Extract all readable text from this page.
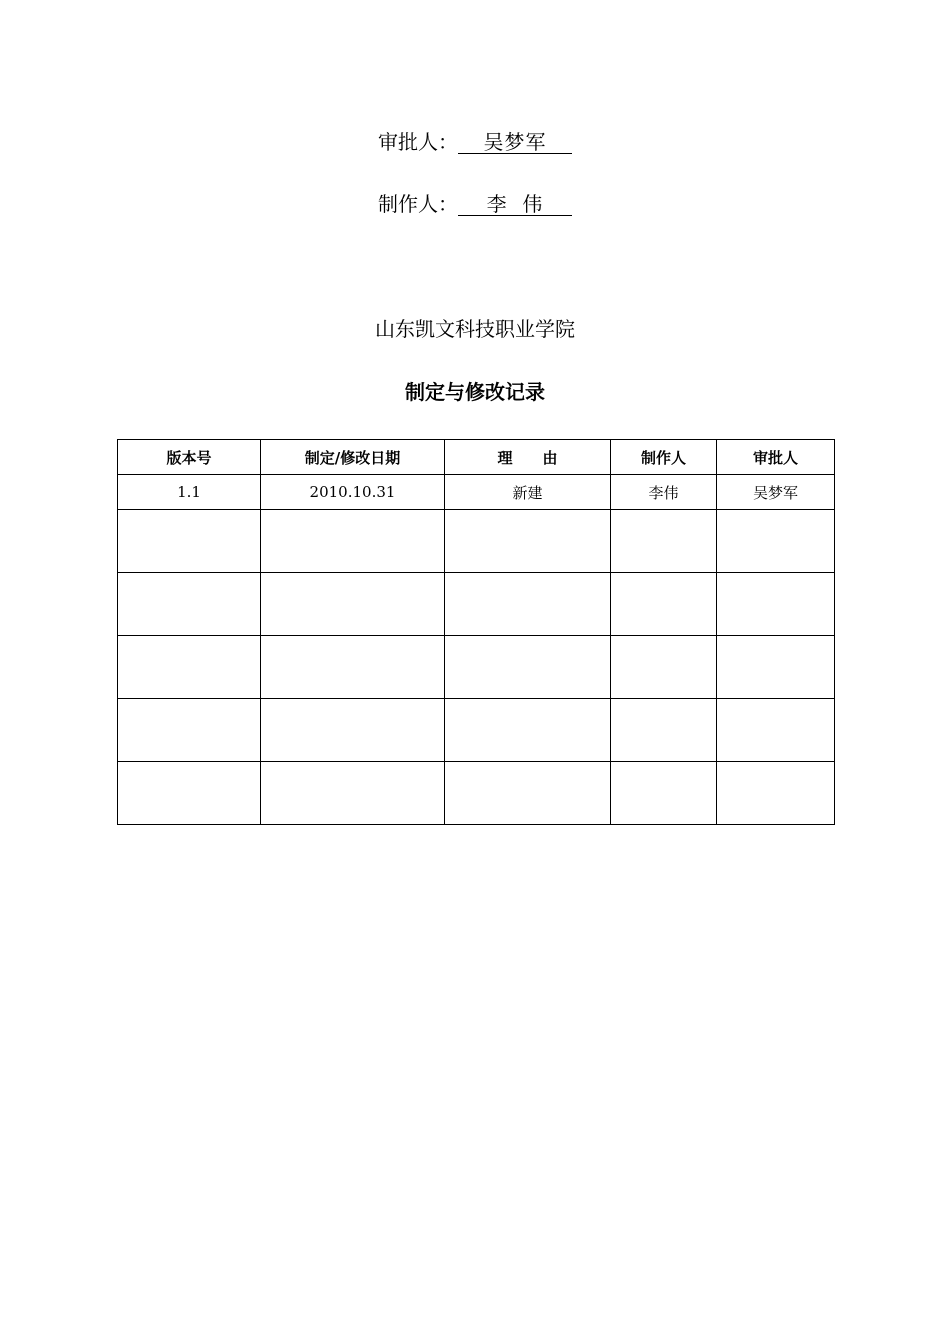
审批人： 吴梦军
制作人： 李  伟
山东凯文科技职业学院
制定与修改记录
版本号	制定/修改日期	理　　由	制作人	审批人
1.1	2010.10.31	新建	李伟	吴梦军
